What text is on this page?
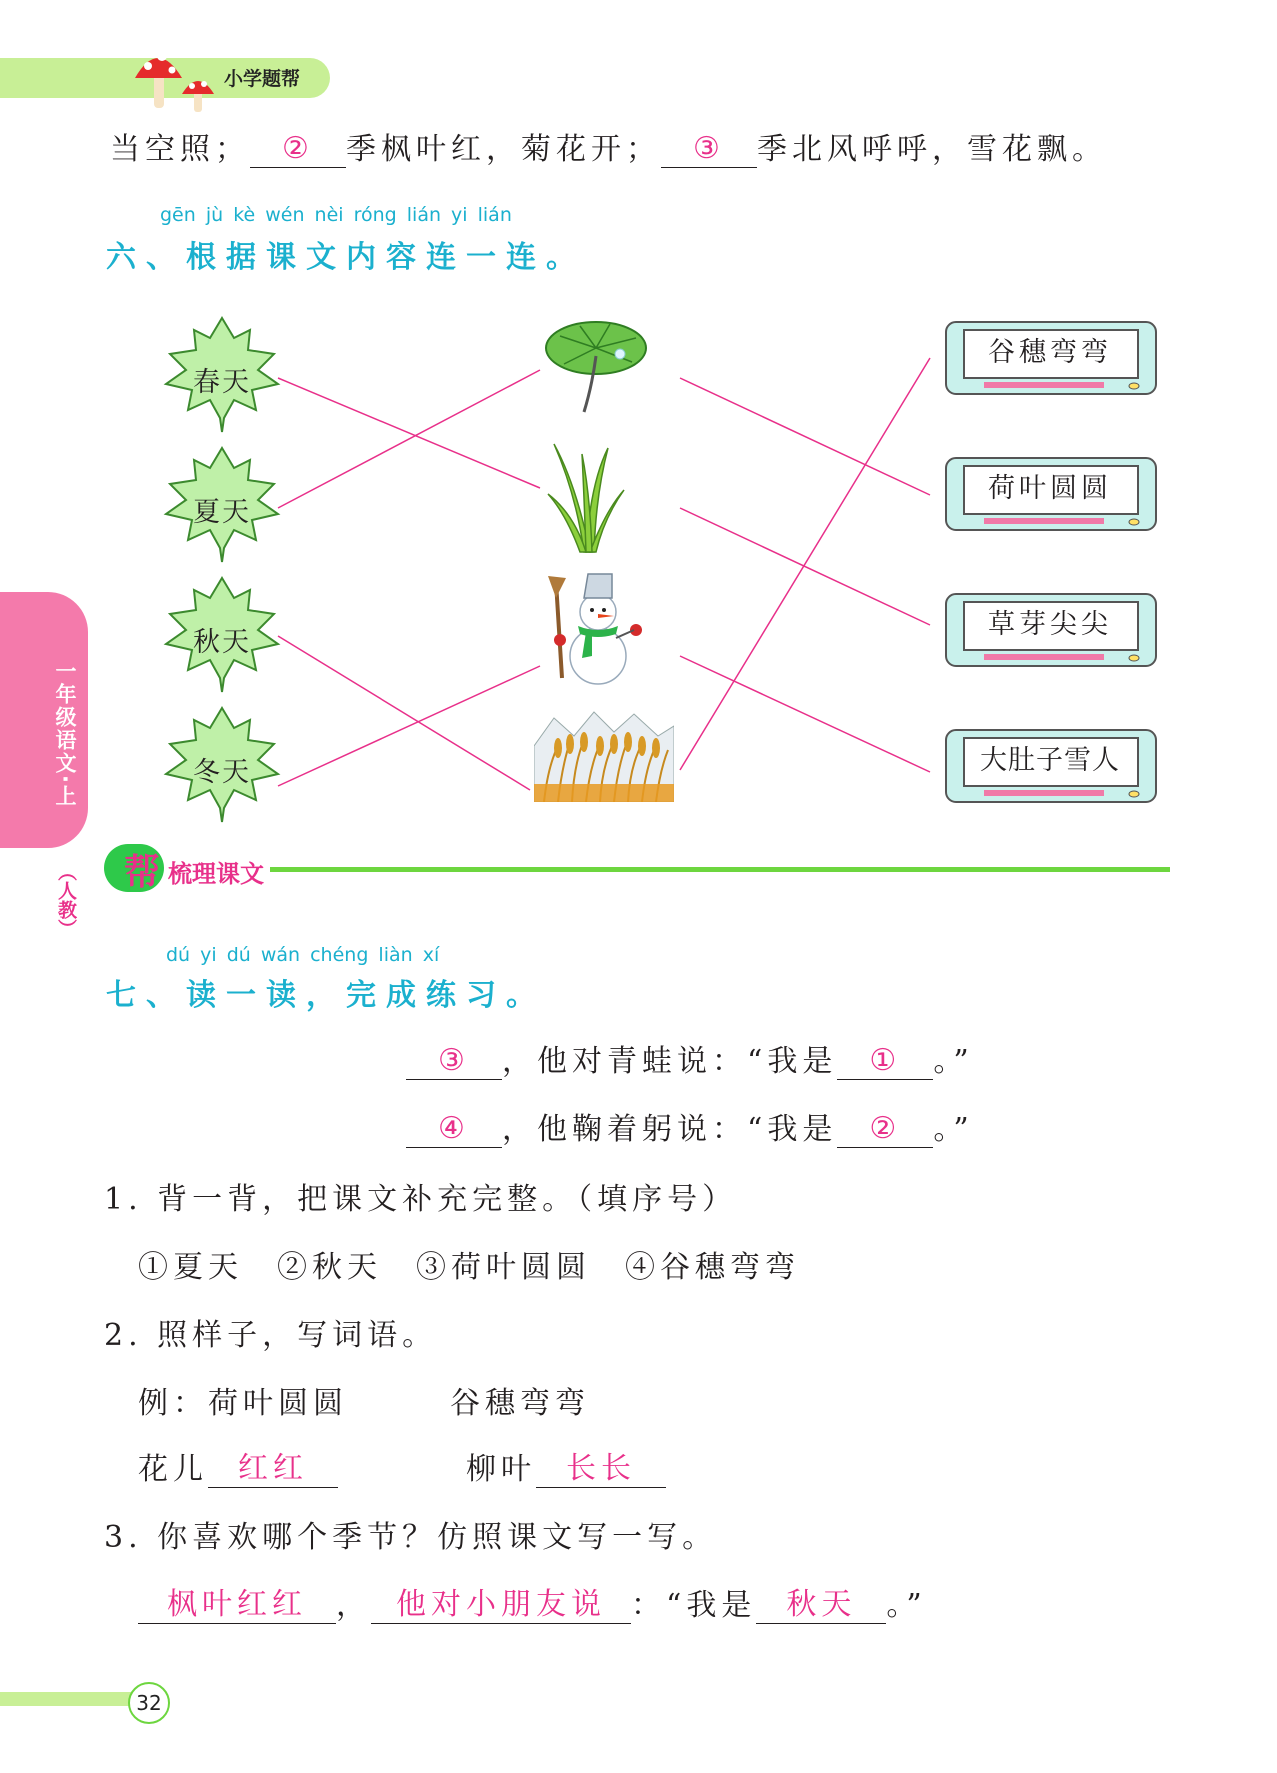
小学题帮
当空照； ② 季枫叶红，菊花开； ③ 季北风呼呼，雪花飘。
gēn jù kè wén nèi róng lián yi lián
六、根据课文内容连一连。
春天
夏天
秋天
冬天
谷穗弯弯
荷叶圆圆
草芽尖尖
大肚子雪人
一年级语文·上
（人教） 帮 梳理课文
dú yi dú wán chéng liàn xí
七、读一读，完成练习。
③ ，他对青蛙说：“我是 ① 。”
④ ，他鞠着躬说：“我是 ② 。”
1. 背一背，把课文补充完整。（填序号）
①夏天 ②秋天 ③荷叶圆圆 ④谷穗弯弯
2. 照样子，写词语。
例：荷叶圆圆	谷穗弯弯
花儿 红红	柳叶 长长
3. 你喜欢哪个季节？仿照课文写一写。
枫叶红红 ， 他对小朋友说 ：“我是 秋天 。”
32
